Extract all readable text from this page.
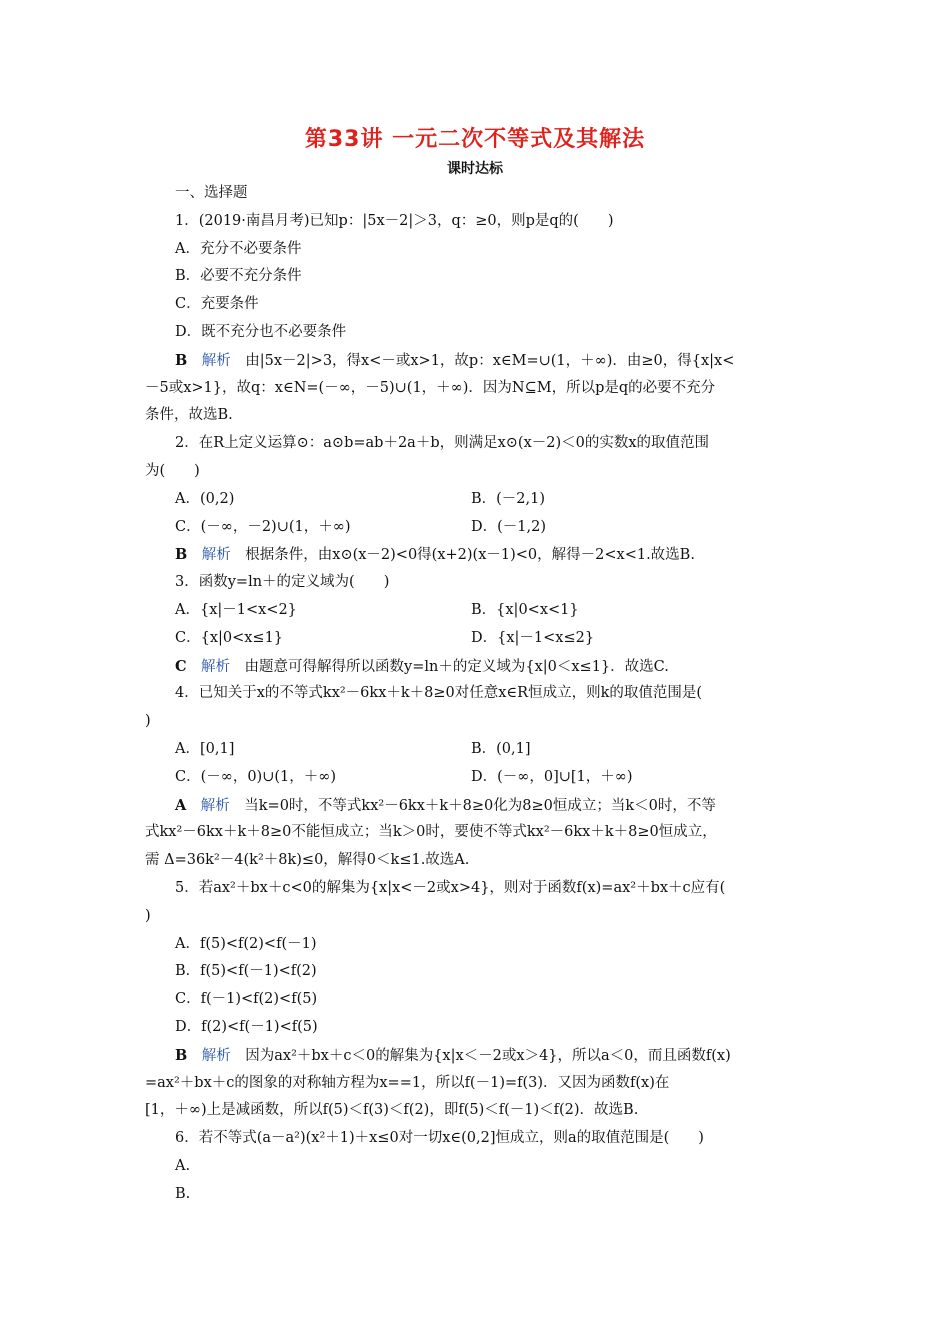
第33讲 一元二次不等式及其解法
课时达标
一、选择题
1．(2019·南昌月考)已知p：|5x－2|＞3，q：≥0，则p是q的(　　)
A．充分不必要条件
B．必要不充分条件
C．充要条件
D．既不充分也不必要条件
B　 解析　 由|5x－2|>3，得x<－或x>1，故p：x∈M=∪(1，＋∞)．由≥0，得{x|x<
－5或x>1}，故q：x∈N=(－∞，－5)∪(1，＋∞)．因为N⊆M，所以p是q的必要不充分
条件，故选B.
2．在R上定义运算⊙：a⊙b=ab＋2a＋b，则满足x⊙(x－2)＜0的实数x的取值范围
为(　　)
A．(0,2)	B．(－2,1)
C．(－∞，－2)∪(1，＋∞)	D．(－1,2)
B　 解析　 根据条件，由x⊙(x－2)<0得(x+2)(x－1)<0，解得－2<x<1.故选B.
3．函数y=ln＋的定义域为(　　)
A．{x|－1<x<2}	B．{x|0<x<1}
C．{x|0<x≤1}	D．{x|－1<x≤2}
C　 解析　 由题意可得解得所以函数y=ln＋的定义域为{x|0＜x≤1}．故选C.
4．已知关于x的不等式kx²－6kx＋k＋8≥0对任意x∈R恒成立，则k的取值范围是(
)
A．[0,1]	B．(0,1]
C．(－∞，0)∪(1，＋∞)	D．(－∞，0]∪[1，＋∞)
A　 解析　 当k=0时，不等式kx²－6kx＋k＋8≥0化为8≥0恒成立；当k＜0时，不等
式kx²－6kx＋k＋8≥0不能恒成立；当k＞0时，要使不等式kx²－6kx＋k＋8≥0恒成立，
需 Δ=36k²－4(k²＋8k)≤0，解得0＜k≤1.故选A.
5．若ax²＋bx＋c<0的解集为{x|x<－2或x>4}，则对于函数f(x)=ax²＋bx＋c应有(
)
A．f(5)<f(2)<f(－1)
B．f(5)<f(－1)<f(2)
C．f(－1)<f(2)<f(5)
D．f(2)<f(－1)<f(5)
B　 解析　 因为ax²＋bx＋c＜0的解集为{x|x＜－2或x＞4}，所以a＜0，而且函数f(x)
=ax²＋bx＋c的图象的对称轴方程为x==1，所以f(－1)=f(3)．又因为函数f(x)在
[1，＋∞)上是减函数，所以f(5)＜f(3)＜f(2)，即f(5)＜f(－1)＜f(2)．故选B.
6．若不等式(a－a²)(x²＋1)＋x≤0对一切x∈(0,2]恒成立，则a的取值范围是(　　)
A.
B.
